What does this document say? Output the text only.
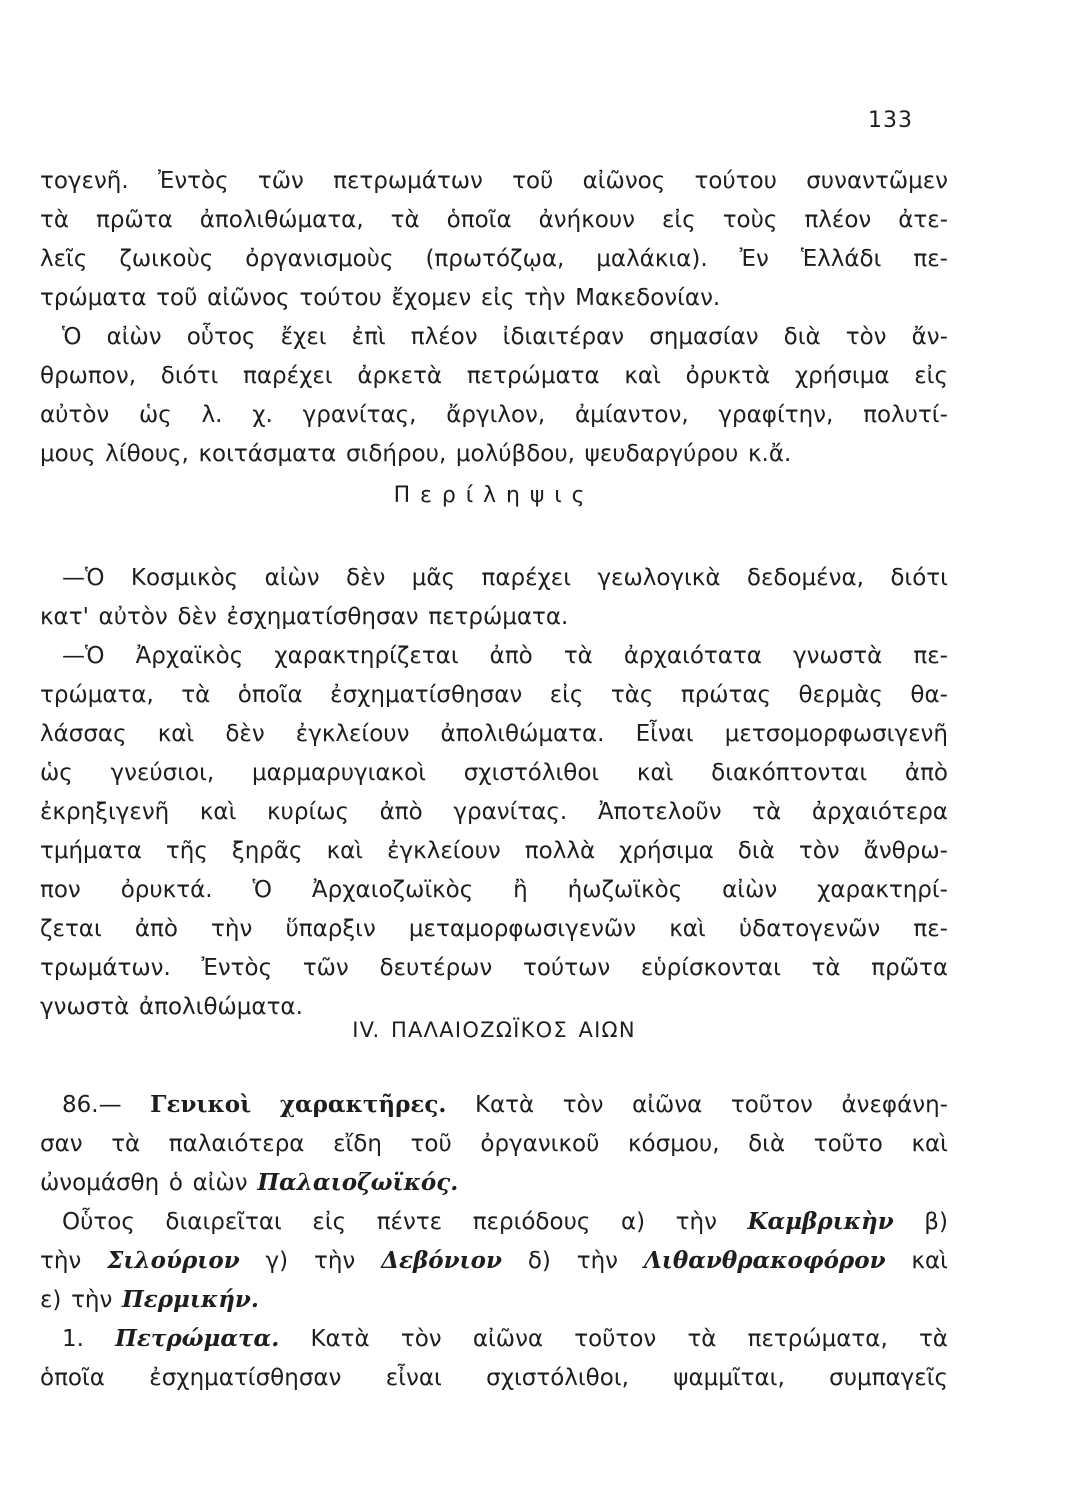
133
τογενῆ. Ἐντὸς τῶν πετρωμάτων τοῦ αἰῶνος τούτου συναντῶμεν
τὰ πρῶτα ἀπολιθώματα, τὰ ὁποῖα ἀνήκουν εἰς τοὺς πλέον ἀτε-
λεῖς ζωικοὺς ὀργανισμοὺς (πρωτόζῳα, μαλάκια). Ἐν Ἑλλάδι πε-
τρώματα τοῦ αἰῶνος τούτου ἔχομεν εἰς τὴν Μακεδονίαν.
Ὁ αἰὼν οὗτος ἔχει ἐπὶ πλέον ἰδιαιτέραν σημασίαν διὰ τὸν ἄν-
θρωπον, διότι παρέχει ἀρκετὰ πετρώματα καὶ ὀρυκτὰ χρήσιμα εἰς
αὐτὸν ὡς λ. χ. γρανίτας, ἄργιλον, ἀμίαντον, γραφίτην, πολυτί-
μους λίθους, κοιτάσματα σιδήρου, μολύβδου, ψευδαργύρου κ.ἄ.
Περίληψις
—Ὁ Κοσμικὸς αἰὼν δὲν μᾶς παρέχει γεωλογικὰ δεδομένα, διότι
κατ' αὐτὸν δὲν ἐσχηματίσθησαν πετρώματα.
—Ὁ Ἀρχαϊκὸς χαρακτηρίζεται ἀπὸ τὰ ἀρχαιότατα γνωστὰ πε-
τρώματα, τὰ ὁποῖα ἐσχηματίσθησαν εἰς τὰς πρώτας θερμὰς θα-
λάσσας καὶ δὲν ἐγκλείουν ἀπολιθώματα. Εἶναι μετσομορφωσιγενῆ
ὡς γνεύσιοι, μαρμαρυγιακοὶ σχιστόλιθοι καὶ διακόπτονται ἀπὸ
ἐκρηξιγενῆ καὶ κυρίως ἀπὸ γρανίτας. Ἀποτελοῦν τὰ ἀρχαιότερα
τμήματα τῆς ξηρᾶς καὶ ἐγκλείουν πολλὰ χρήσιμα διὰ τὸν ἄνθρω-
πον ὀρυκτά. Ὁ Ἀρχαιοζωϊκὸς ἢ ἠωζωϊκὸς αἰὼν χαρακτηρί-
ζεται ἀπὸ τὴν ὕπαρξιν μεταμορφωσιγενῶν καὶ ὑδατογενῶν πε-
τρωμάτων. Ἐντὸς τῶν δευτέρων τούτων εὑρίσκονται τὰ πρῶτα
γνωστὰ ἀπολιθώματα.
IV. ΠΑΛΑΙΟΖΩΪΚΟΣ ΑΙΩΝ
86.— Γενικοὶ χαρακτῆρες. Κατὰ τὸν αἰῶνα τοῦτον ἀνεφάνη-
σαν τὰ παλαιότερα εἴδη τοῦ ὀργανικοῦ κόσμου, διὰ τοῦτο καὶ
ὠνομάσθη ὁ αἰὼν Παλαιοζωϊκός.
Οὗτος διαιρεῖται εἰς πέντε περιόδους α) τὴν Καμβρικὴν β)
τὴν Σιλούριον γ) τὴν Δεβόνιον δ) τὴν Λιθανθρακοφόρον καὶ
ε) τὴν Περμικήν.
1. Πετρώματα. Κατὰ τὸν αἰῶνα τοῦτον τὰ πετρώματα, τὰ
ὁποῖα ἐσχηματίσθησαν εἶναι σχιστόλιθοι, ψαμμῖται, συμπαγεῖς
